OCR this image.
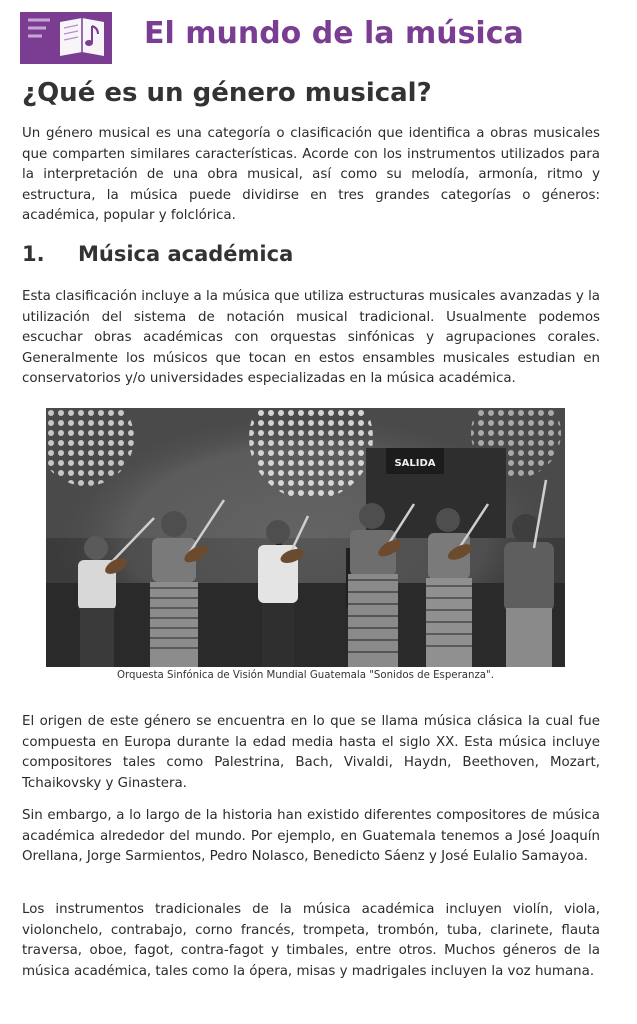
El mundo de la música
¿Qué es un género musical?

Un género musical es una categoría o clasificación que identifica a obras musicales que comparten similares características. Acorde con los instrumentos utilizados para la interpretación de una obra musical, así como su melodía, armonía, ritmo y estructura, la música puede dividirse en tres grandes categorías o géneros: académica, popular y folclórica.

1. Música académica

Esta clasificación incluye a la música que utiliza estructuras musicales avanzadas y la utilización del sistema de notación musical tradicional. Usualmente podemos escuchar obras académicas con orquestas sinfónicas y agrupaciones corales. Generalmente los músicos que tocan en estos ensambles musicales estudian en conservatorios y/o universidades especializadas en la música académica.

SALIDA
Orquesta Sinfónica de Visión Mundial Guatemala "Sonidos de Esperanza".

El origen de este género se encuentra en lo que se llama música clásica la cual fue compuesta en Europa durante la edad media hasta el siglo XX. Esta música incluye compositores tales como Palestrina, Bach, Vivaldi, Haydn, Beethoven, Mozart, Tchaikovsky y Ginastera.

Sin embargo, a lo largo de la historia han existido diferentes compositores de música académica alrededor del mundo. Por ejemplo, en Guatemala tenemos a José Joaquín Orellana, Jorge Sarmientos, Pedro Nolasco, Benedicto Sáenz y José Eulalio Samayoa.

Los instrumentos tradicionales de la música académica incluyen violín, viola, violonchelo, contrabajo, corno francés, trompeta, trombón, tuba, clarinete, flauta traversa, oboe, fagot, contra-fagot y timbales, entre otros. Muchos géneros de la música académica, tales como la ópera, misas y madrigales incluyen la voz humana.
